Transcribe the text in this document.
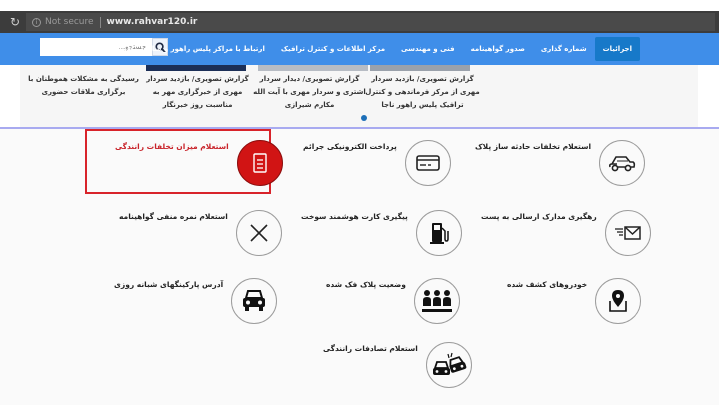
↻	i Not secure www.rahvar120.ir
جستجو...
اجرائیات
شماره گذاری
صدور گواهینامه
فنی و مهندسی
مرکز اطلاعات و کنترل ترافیک
ارتباط با مراکز پلیس راهور و سازمانهای مرتبط
گزارش تصویری/ بازدید سردار مهری از مرکز فرماندهی و کنترل ترافیک پلیس راهور ناجا
گزارش تصویری/ دیدار سردار اشتری و سردار مهری با آیت الله مکارم شیرازی
گزارش تصویری/ بازدید سردار مهری از خبرگزاری مهر به مناسبت روز خبرنگار
رسیدگی به مشکلات هموطنان با برگزاری ملاقات حضوری
استعلام تخلفات حادثه ساز پلاک
پرداخت الکترونیکی جرائم
استعلام میزان تخلفات رانندگی
رهگیری مدارک ارسالی به پست
پیگیری کارت هوشمند سوخت
استعلام نمره منفی گواهینامه
خودروهای کشف شده
وضعیت پلاک فک شده
آدرس پارکینگهای شبانه روزی
استعلام تصادفات رانندگی
